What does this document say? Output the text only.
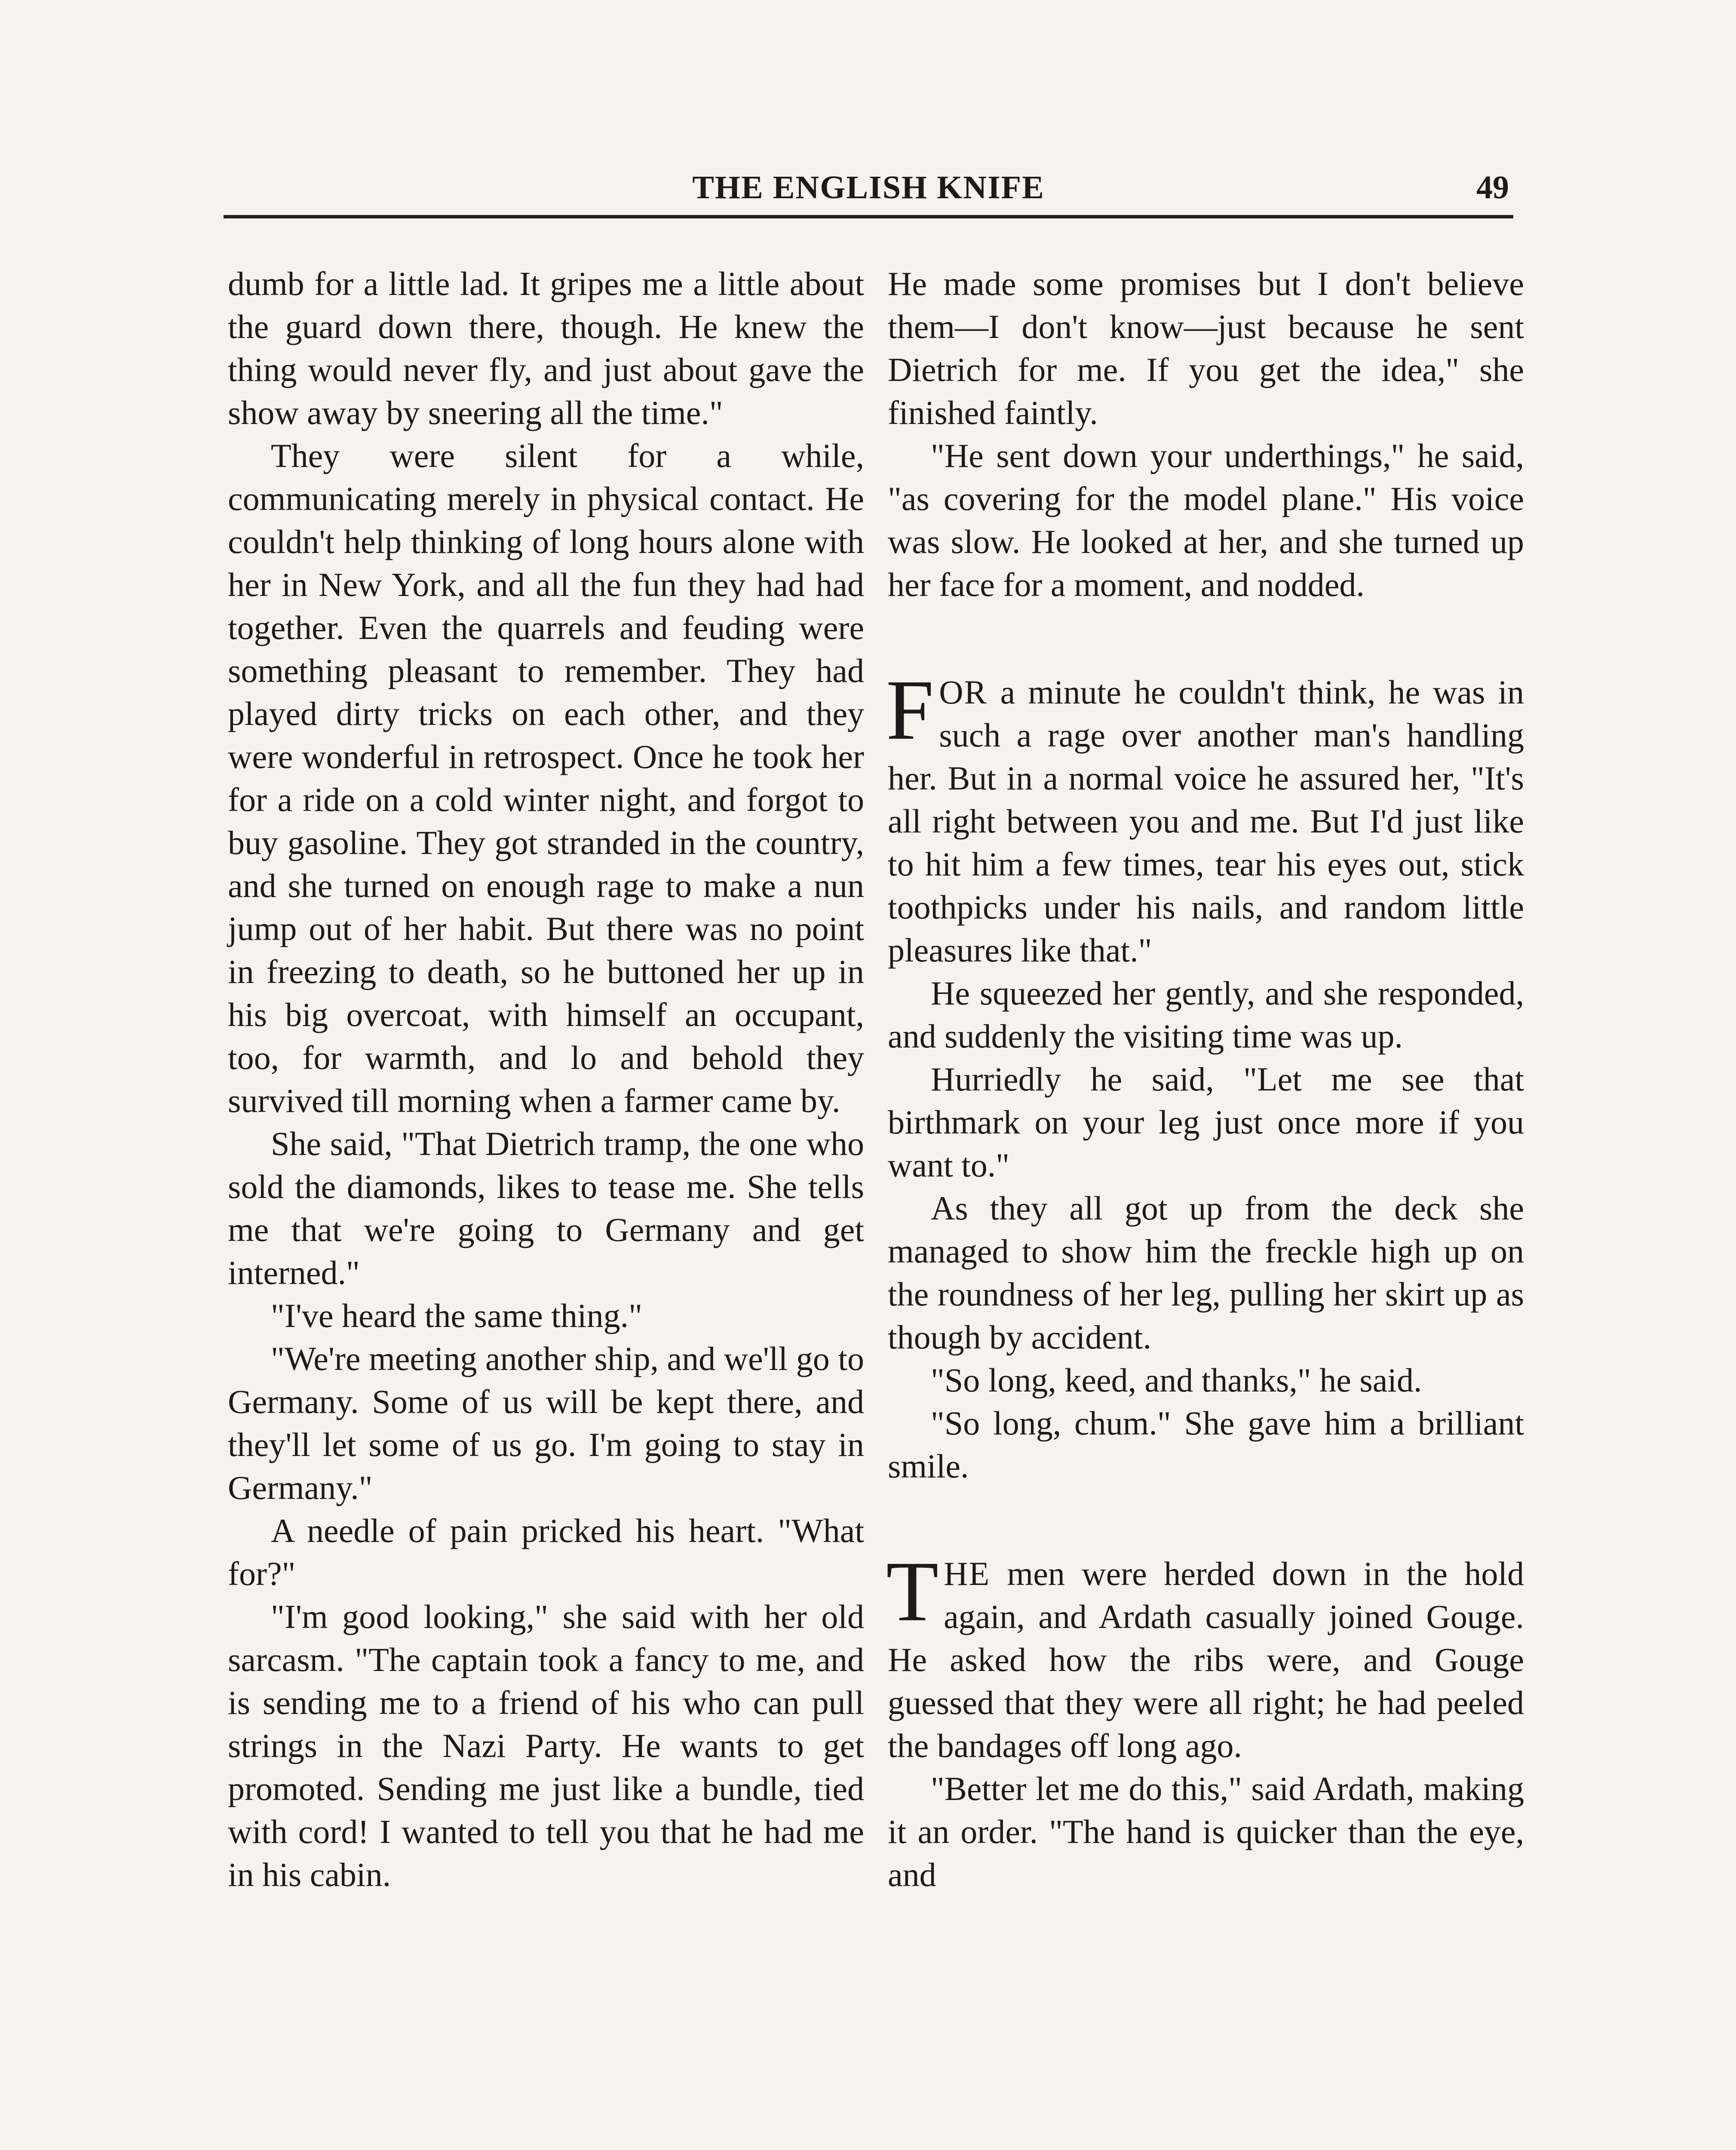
THE ENGLISH KNIFE	49

dumb for a little lad. It gripes me a little about the guard down there, though. He knew the thing would never fly, and just about gave the show away by sneering all the time."

They were silent for a while, communicating merely in physical contact. He couldn't help thinking of long hours alone with her in New York, and all the fun they had had together. Even the quarrels and feuding were something pleasant to remember. They had played dirty tricks on each other, and they were wonderful in retrospect. Once he took her for a ride on a cold winter night, and forgot to buy gasoline. They got stranded in the country, and she turned on enough rage to make a nun jump out of her habit. But there was no point in freezing to death, so he buttoned her up in his big overcoat, with himself an occupant, too, for warmth, and lo and behold they survived till morning when a farmer came by.

She said, "That Dietrich tramp, the one who sold the diamonds, likes to tease me. She tells me that we're going to Germany and get interned."

"I've heard the same thing."

"We're meeting another ship, and we'll go to Germany. Some of us will be kept there, and they'll let some of us go. I'm going to stay in Germany."

A needle of pain pricked his heart. "What for?"

"I'm good looking," she said with her old sarcasm. "The captain took a fancy to me, and is sending me to a friend of his who can pull strings in the Nazi Party. He wants to get promoted. Sending me just like a bundle, tied with cord! I wanted to tell you that he had me in his cabin.

He made some promises but I don't believe them—I don't know—just because he sent Dietrich for me. If you get the idea," she finished faintly.

"He sent down your underthings," he said, "as covering for the model plane." His voice was slow. He looked at her, and she turned up her face for a moment, and nodded.

FOR a minute he couldn't think, he was in such a rage over another man's handling her. But in a normal voice he assured her, "It's all right between you and me. But I'd just like to hit him a few times, tear his eyes out, stick toothpicks under his nails, and random little pleasures like that."

He squeezed her gently, and she responded, and suddenly the visiting time was up.

Hurriedly he said, "Let me see that birthmark on your leg just once more if you want to."

As they all got up from the deck she managed to show him the freckle high up on the roundness of her leg, pulling her skirt up as though by accident.

"So long, keed, and thanks," he said.

"So long, chum." She gave him a brilliant smile.

THE men were herded down in the hold again, and Ardath casually joined Gouge. He asked how the ribs were, and Gouge guessed that they were all right; he had peeled the bandages off long ago.

"Better let me do this," said Ardath, making it an order. "The hand is quicker than the eye, and
